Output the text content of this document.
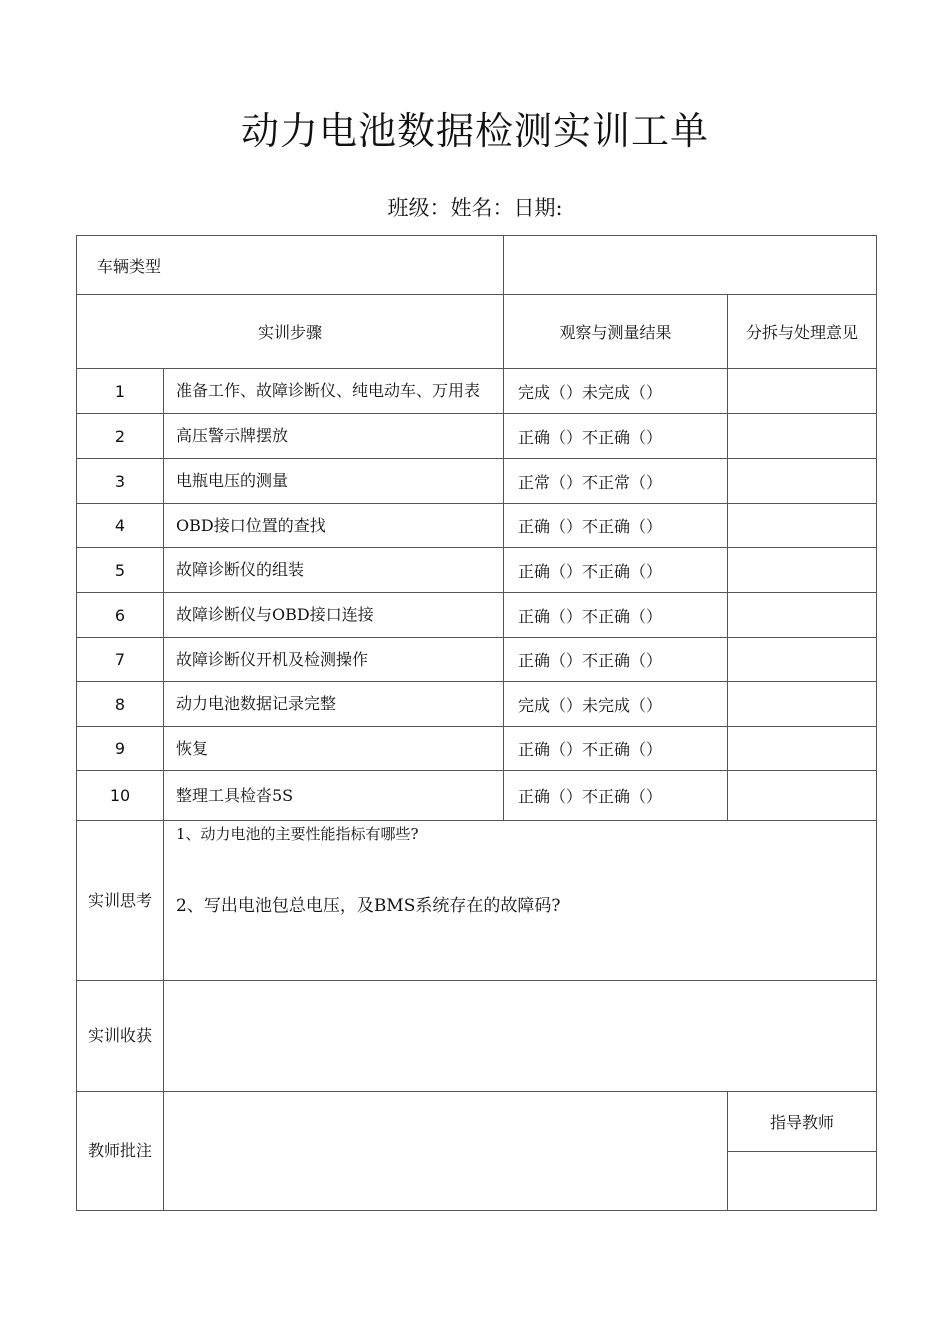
动力电池数据检测实训工单
班级：姓名：日期:
车辆类型			
实训步骤		观察与测量结果	分拆与处理意见
1	准备工作、故障诊断仪、纯电动车、万用表	完成（）未完成（）	
2	高压警示牌摆放	正确（）不正确（）	
3	电瓶电压的测量	正常（）不正常（）	
4	OBD接口位置的查找	正确（）不正确（）	
5	故障诊断仪的组装	正确（）不正确（）	
6	故障诊断仪与OBD接口连接	正确（）不正确（）	
7	故障诊断仪开机及检测操作	正确（）不正确（）	
8	动力电池数据记录完整	完成（）未完成（）	
9	恢复	正确（）不正确（）	
10	整理工具检沓5S	正确（）不正确（）	
实训思考	1、动力电池的主要性能指标有哪些?
2、写出电池包总电压，及BMS系统存在的故障码?		

实训收获			
教师批注			指导教师
